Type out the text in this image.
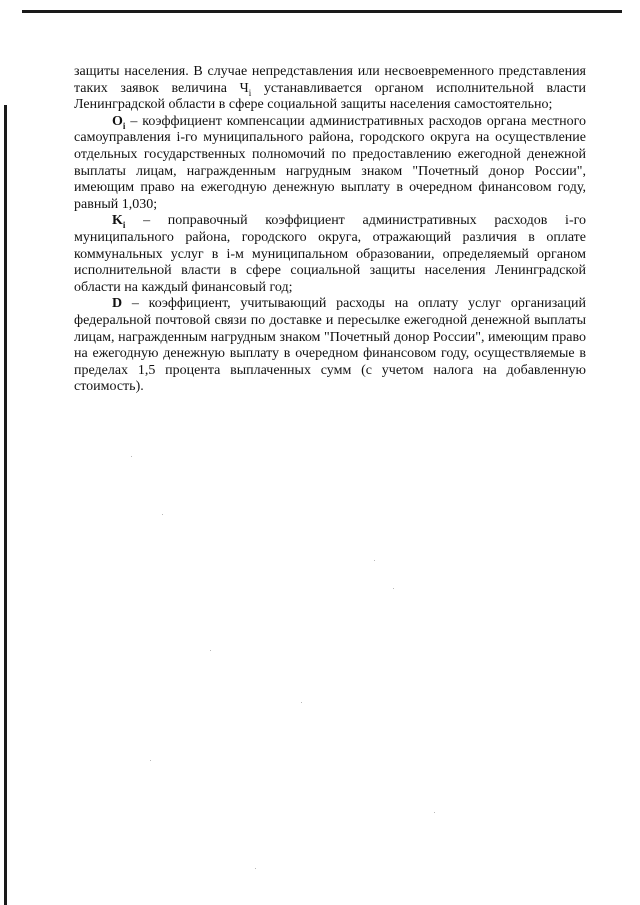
защиты населения. В случае непредставления или несвоевременного представления таких заявок величина $Ч_i$ устанавливается органом исполнительной власти Ленинградской области в сфере социальной защиты населения самостоятельно;

$O_i$ – коэффициент компенсации административных расходов органа местного самоуправления i-го муниципального района, городского округа на осуществление отдельных государственных полномочий по предоставлению ежегодной денежной выплаты лицам, награжденным нагрудным знаком "Почетный донор России", имеющим право на ежегодную денежную выплату в очередном финансовом году, равный 1,030;

$K_i$ – поправочный коэффициент административных расходов i-го муниципального района, городского округа, отражающий различия в оплате коммунальных услуг в i-м муниципальном образовании, определяемый органом исполнительной власти в сфере социальной защиты населения Ленинградской области на каждый финансовый год;

D – коэффициент, учитывающий расходы на оплату услуг организаций федеральной почтовой связи по доставке и пересылке ежегодной денежной выплаты лицам, награжденным нагрудным знаком "Почетный донор России", имеющим право на ежегодную денежную выплату в очередном финансовом году, осуществляемые в пределах 1,5 процента выплаченных сумм (с учетом налога на добавленную стоимость).
